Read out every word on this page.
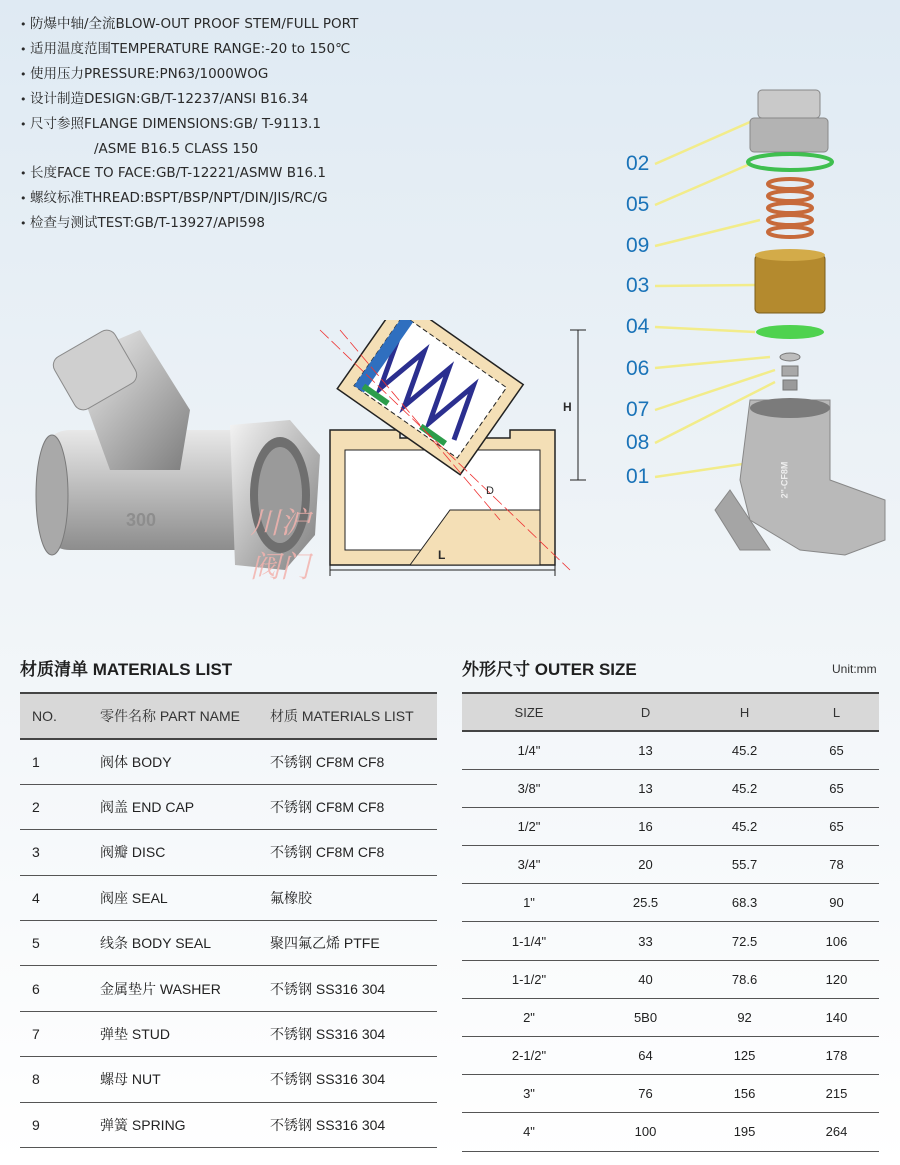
• 防爆中轴/全流BLOW-OUT PROOF STEM/FULL PORT
• 适用温度范围TEMPERATURE RANGE:-20 to 150℃
• 使用压力PRESSURE:PN63/1000WOG
• 设计制造DESIGN:GB/T-12237/ANSI B16.34
• 尺寸参照FLANGE DIMENSIONS:GB/ T-9113.1
/ASME B16.5 CLASS 150
• 长度FACE TO FACE:GB/T-12221/ASMW B16.1
• 螺纹标准THREAD:BSPT/BSP/NPT/DIN/JIS/RC/G
• 检查与测试TEST:GB/T-13927/API598
300	川沪阀门
H
L
D
02
05
09
03
04
06
07
08
01	2"-CF8M
材质清单 MATERIALS LIST
NO.	零件名称 PART NAME	材质 MATERIALS LIST
1	阀体 BODY	不锈钢 CF8M CF8
2	阀盖 END CAP	不锈钢 CF8M CF8
3	阀瓣 DISC	不锈钢 CF8M CF8
4	阀座 SEAL	氟橡胶
5	线条 BODY SEAL	聚四氟乙烯 PTFE
6	金属垫片 WASHER	不锈钢 SS316 304
7	弹垫 STUD	不锈钢 SS316 304
8	螺母 NUT	不锈钢 SS316 304
9	弹簧 SPRING	不锈钢 SS316 304
外形尺寸 OUTER SIZE	Unit:mm
SIZE	D	H	L
1/4"	13	45.2	65
3/8"	13	45.2	65
1/2"	16	45.2	65
3/4"	20	55.7	78
1"	25.5	68.3	90
1-1/4"	33	72.5	106
1-1/2"	40	78.6	120
2"	5B0	92	140
2-1/2"	64	125	178
3"	76	156	215
4"	100	195	264
